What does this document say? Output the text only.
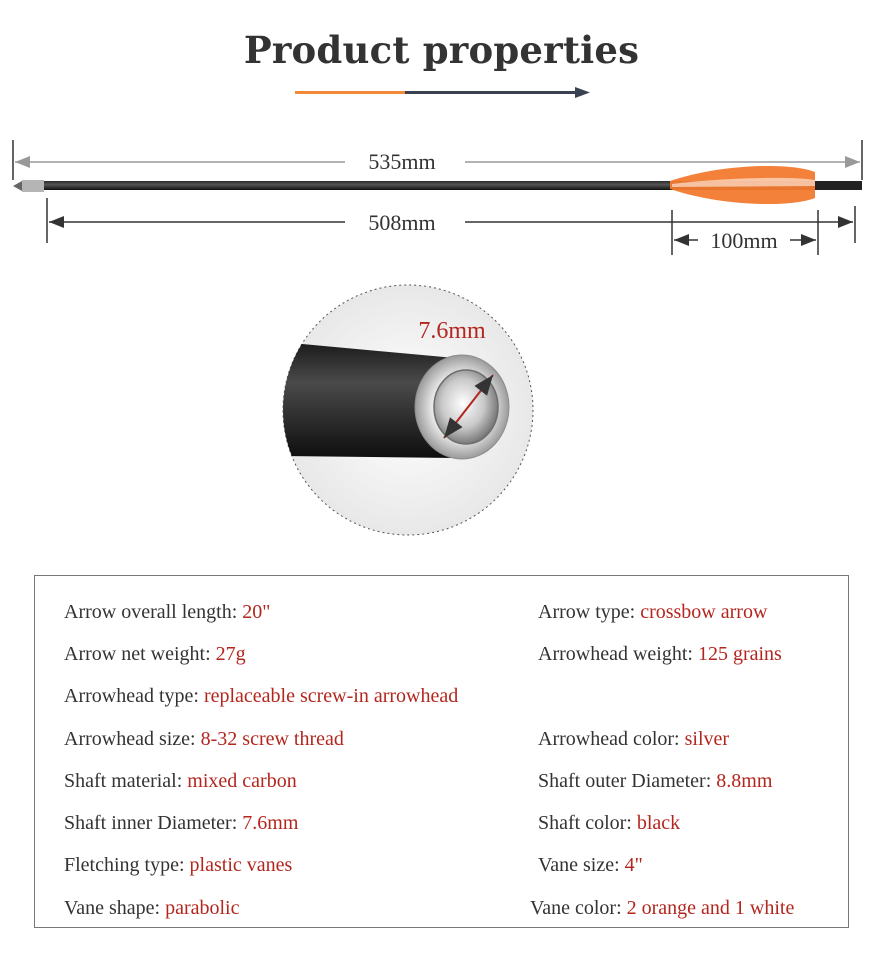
Product properties
535mm
508mm
100mm
7.6mm
Arrow overall length: 20"	Arrow type: crossbow arrow
Arrow net weight: 27g	Arrowhead weight: 125 grains
Arrowhead type: replaceable screw-in arrowhead
Arrowhead size: 8-32 screw thread	Arrowhead color: silver
Shaft material: mixed carbon	Shaft outer Diameter: 8.8mm
Shaft inner Diameter: 7.6mm	Shaft color: black
Fletching type: plastic vanes	Vane size: 4"
Vane shape: parabolic	Vane color: 2 orange and 1 white
